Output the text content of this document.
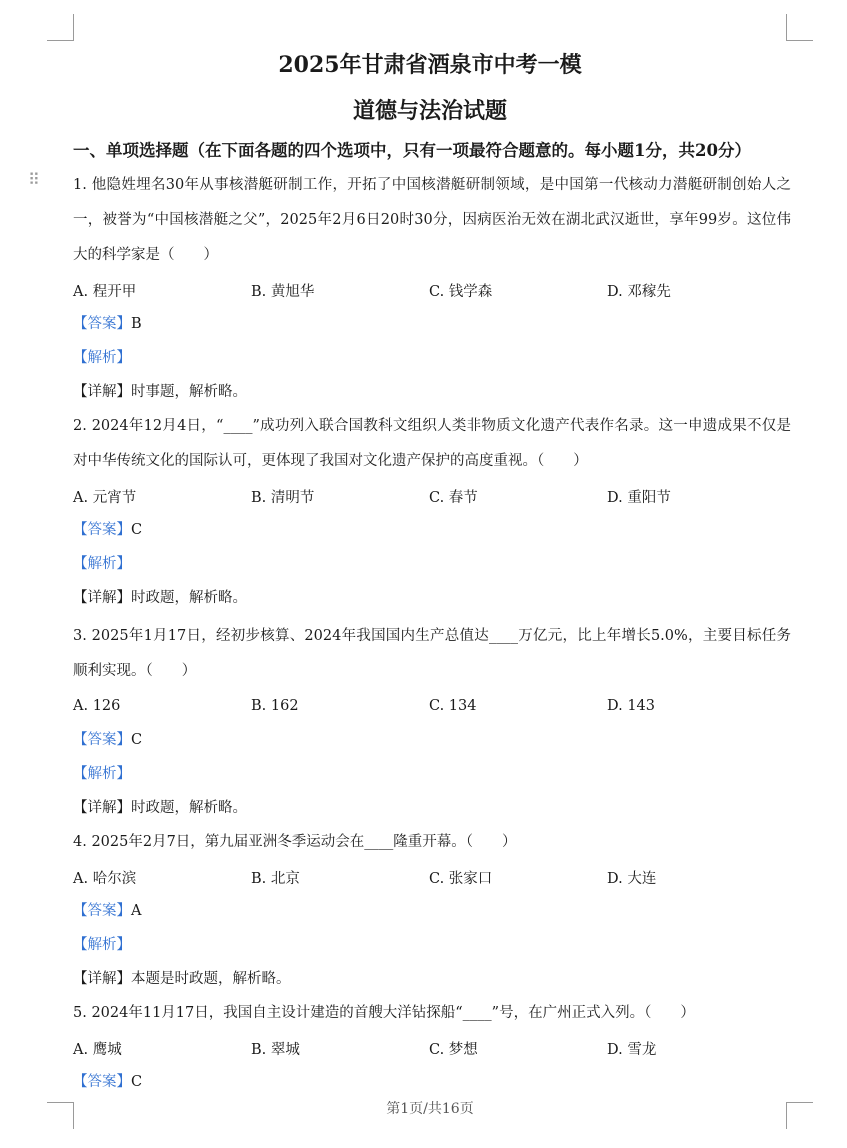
⠿
2025年甘肃省酒泉市中考一模
道德与法治试题
一、单项选择题（在下面各题的四个选项中，只有一项最符合题意的。每小题1分，共20分）

1. 他隐姓埋名30年从事核潜艇研制工作，开拓了中国核潜艇研制领域，是中国第一代核动力潜艇研制创始人之一，被誉为“中国核潜艇之父”，2025年2月6日20时30分，因病医治无效在湖北武汉逝世，享年99岁。这位伟大的科学家是（　　）

A. 程开甲	B. 黄旭华	C. 钱学森	D. 邓稼先
【答案】B
【解析】
【详解】时事题，解析略。

2. 2024年12月4日，“____”成功列入联合国教科文组织人类非物质文化遗产代表作名录。这一申遗成果不仅是对中华传统文化的国际认可，更体现了我国对文化遗产保护的高度重视。（　　）

A. 元宵节	B. 清明节	C. 春节	D. 重阳节
【答案】C
【解析】
【详解】时政题，解析略。

3. 2025年1月17日，经初步核算、2024年我国国内生产总值达____万亿元，比上年增长5.0%，主要目标任务顺利实现。（　　）

A. 126	B. 162	C. 134	D. 143
【答案】C
【解析】
【详解】时政题，解析略。

4. 2025年2月7日，第九届亚洲冬季运动会在____隆重开幕。（　　）

A. 哈尔滨	B. 北京	C. 张家口	D. 大连
【答案】A
【解析】
【详解】本题是时政题，解析略。

5. 2024年11月17日，我国自主设计建造的首艘大洋钻探船“____”号，在广州正式入列。（　　）

A. 鹰城	B. 翠城	C. 梦想	D. 雪龙
【答案】C
第1页/共16页
